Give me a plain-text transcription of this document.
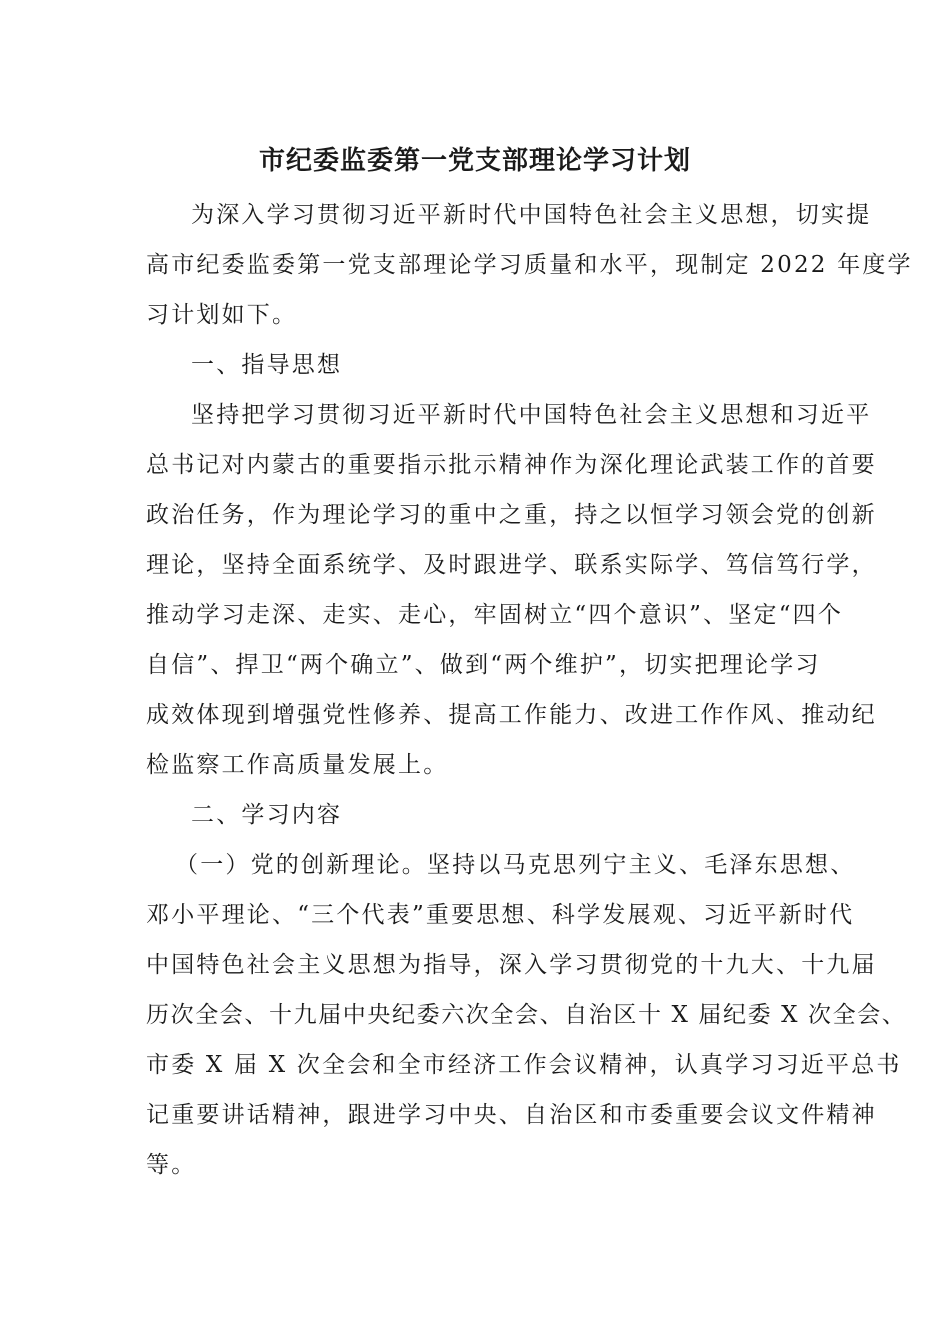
市纪委监委第一党支部理论学习计划
为深入学习贯彻习近平新时代中国特色社会主义思想，切实提
高市纪委监委第一党支部理论学习质量和水平，现制定 2022 年度学
习计划如下。
一、指导思想
坚持把学习贯彻习近平新时代中国特色社会主义思想和习近平
总书记对内蒙古的重要指示批示精神作为深化理论武装工作的首要
政治任务，作为理论学习的重中之重，持之以恒学习领会党的创新
理论，坚持全面系统学、及时跟进学、联系实际学、笃信笃行学，
推动学习走深、走实、走心，牢固树立“四个意识”、坚定“四个
自信”、捍卫“两个确立”、做到“两个维护”，切实把理论学习
成效体现到增强党性修养、提高工作能力、改进工作作风、推动纪
检监察工作高质量发展上。
二、学习内容
（一）党的创新理论。坚持以马克思列宁主义、毛泽东思想、
邓小平理论、“三个代表”重要思想、科学发展观、习近平新时代
中国特色社会主义思想为指导，深入学习贯彻党的十九大、十九届
历次全会、十九届中央纪委六次全会、自治区十 X 届纪委 X 次全会、
市委 X 届 X 次全会和全市经济工作会议精神，认真学习习近平总书
记重要讲话精神，跟进学习中央、自治区和市委重要会议文件精神
等。
